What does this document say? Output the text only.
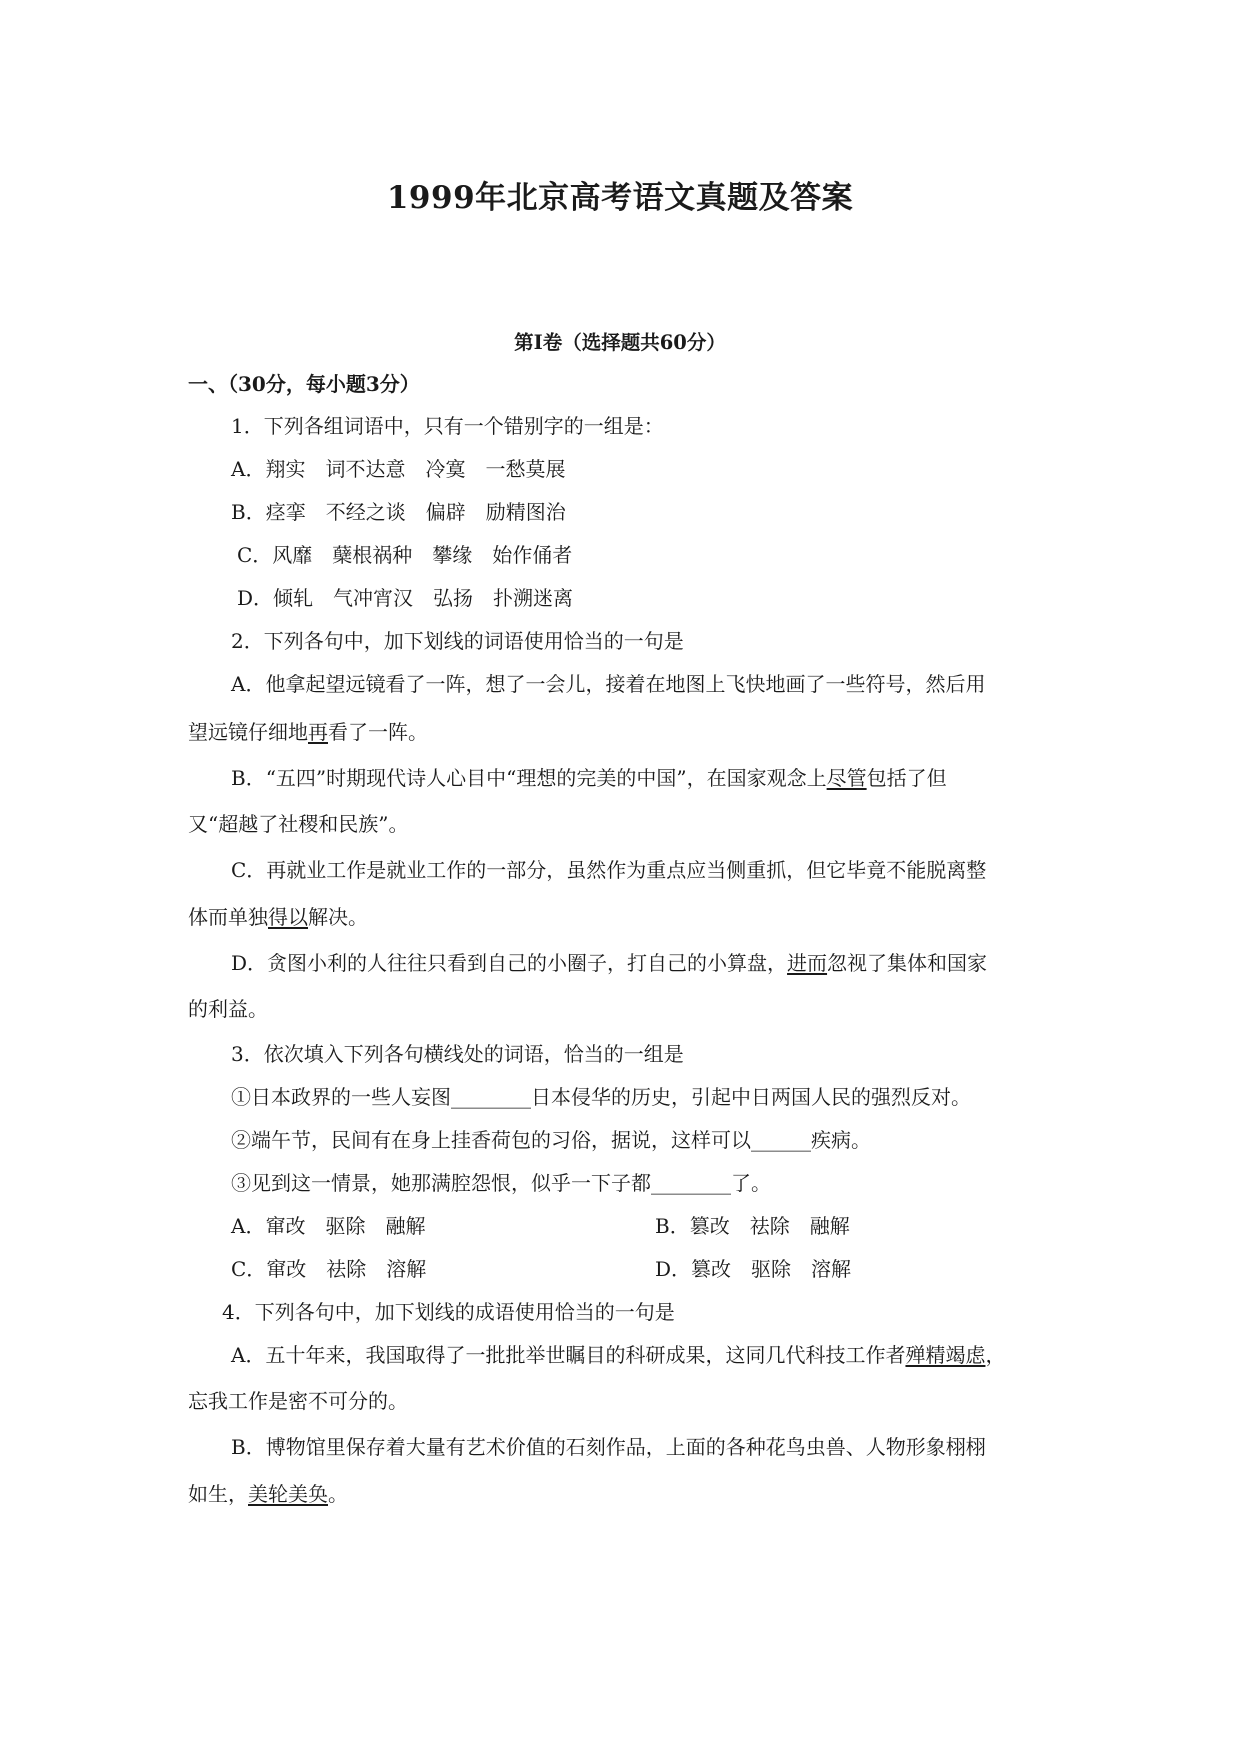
1999年北京高考语文真题及答案
第Ⅰ卷（选择题共60分）
一、（30分，每小题3分）
1．下列各组词语中，只有一个错别字的一组是：
A．翔实　词不达意　冷寞　一愁莫展
B．痉挛　不经之谈　偏辟　励精图治
C．风靡　蘖根祸种　攀缘　始作俑者
D．倾轧　气冲宵汉　弘扬　扑溯迷离
2．下列各句中，加下划线的词语使用恰当的一句是
A．他拿起望远镜看了一阵，想了一会儿，接着在地图上飞快地画了一些符号，然后用
望远镜仔细地再看了一阵。
B．“五四”时期现代诗人心目中“理想的完美的中国”，在国家观念上尽管包括了但
又“超越了社稷和民族”。
C．再就业工作是就业工作的一部分，虽然作为重点应当侧重抓，但它毕竟不能脱离整
体而单独得以解决。
D．贪图小利的人往往只看到自己的小圈子，打自己的小算盘，进而忽视了集体和国家
的利益。
3．依次填入下列各句横线处的词语，恰当的一组是
①日本政界的一些人妄图________日本侵华的历史，引起中日两国人民的强烈反对。
②端午节，民间有在身上挂香荷包的习俗，据说，这样可以______疾病。
③见到这一情景，她那满腔怨恨，似乎一下子都________了。
A．窜改　驱除　融解	B．篡改　祛除　融解
C．窜改　祛除　溶解	D．篡改　驱除　溶解
4．下列各句中，加下划线的成语使用恰当的一句是
A．五十年来，我国取得了一批批举世瞩目的科研成果，这同几代科技工作者殚精竭虑，
忘我工作是密不可分的。
B．博物馆里保存着大量有艺术价值的石刻作品，上面的各种花鸟虫兽、人物形象栩栩
如生，美轮美奂。
